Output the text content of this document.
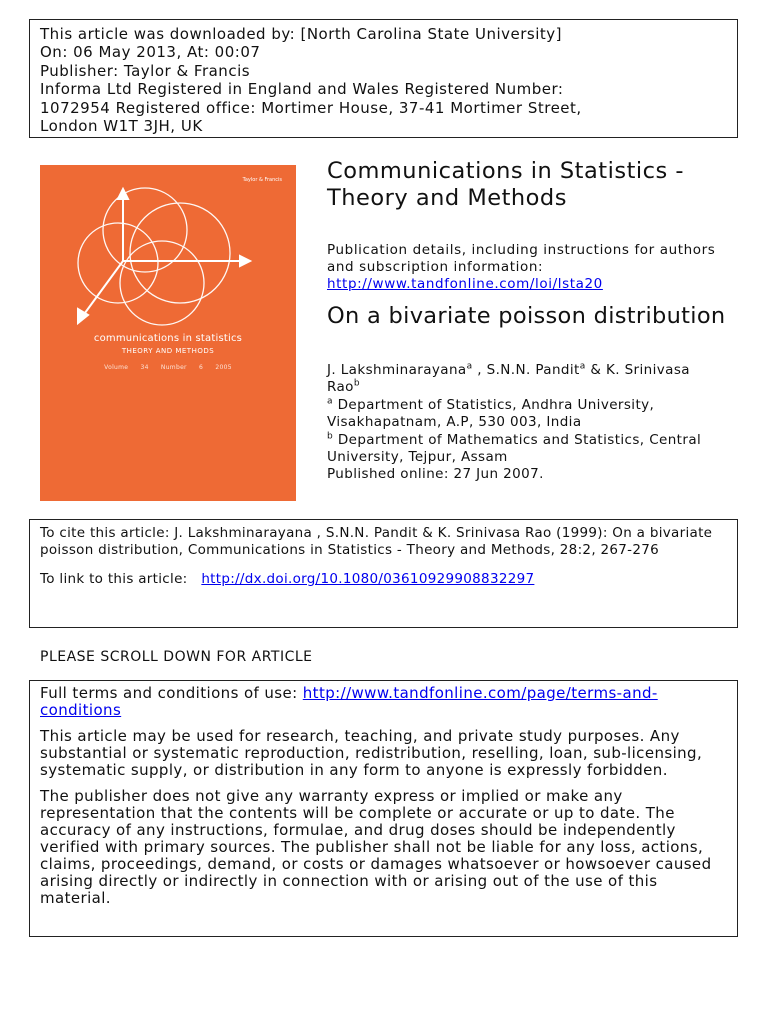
This article was downloaded by: [North Carolina State University]
On: 06 May 2013, At: 00:07
Publisher: Taylor & Francis
Informa Ltd Registered in England and Wales Registered Number:
1072954 Registered office: Mortimer House, 37-41 Mortimer Street,
London W1T 3JH, UK
Taylor & Francis
communications in statistics
THEORY AND METHODS
Volume 34 Number 6 2005
Communications in Statistics - Theory and Methods
Publication details, including instructions for authors and subscription information:
http://www.tandfonline.com/loi/lsta20
On a bivariate poisson distribution
J. Lakshminarayana$^a$ , S.N.N. Pandit$^a$ & K. Srinivasa Rao$^b$
$^a$ Department of Statistics, Andhra University, Visakhapatnam, A.P, 530 003, India
$^b$ Department of Mathematics and Statistics, Central University, Tejpur, Assam
Published online: 27 Jun 2007.
To cite this article: J. Lakshminarayana , S.N.N. Pandit & K. Srinivasa Rao (1999): On a bivariate poisson distribution, Communications in Statistics - Theory and Methods, 28:2, 267-276
To link to this article: http://dx.doi.org/10.1080/03610929908832297
PLEASE SCROLL DOWN FOR ARTICLE

Full terms and conditions of use: http://www.tandfonline.com/page/terms-and-conditions

This article may be used for research, teaching, and private study purposes. Any substantial or systematic reproduction, redistribution, reselling, loan, sub-licensing, systematic supply, or distribution in any form to anyone is expressly forbidden.

The publisher does not give any warranty express or implied or make any representation that the contents will be complete or accurate or up to date. The accuracy of any instructions, formulae, and drug doses should be independently verified with primary sources. The publisher shall not be liable for any loss, actions, claims, proceedings, demand, or costs or damages whatsoever or howsoever caused arising directly or indirectly in connection with or arising out of the use of this material.
